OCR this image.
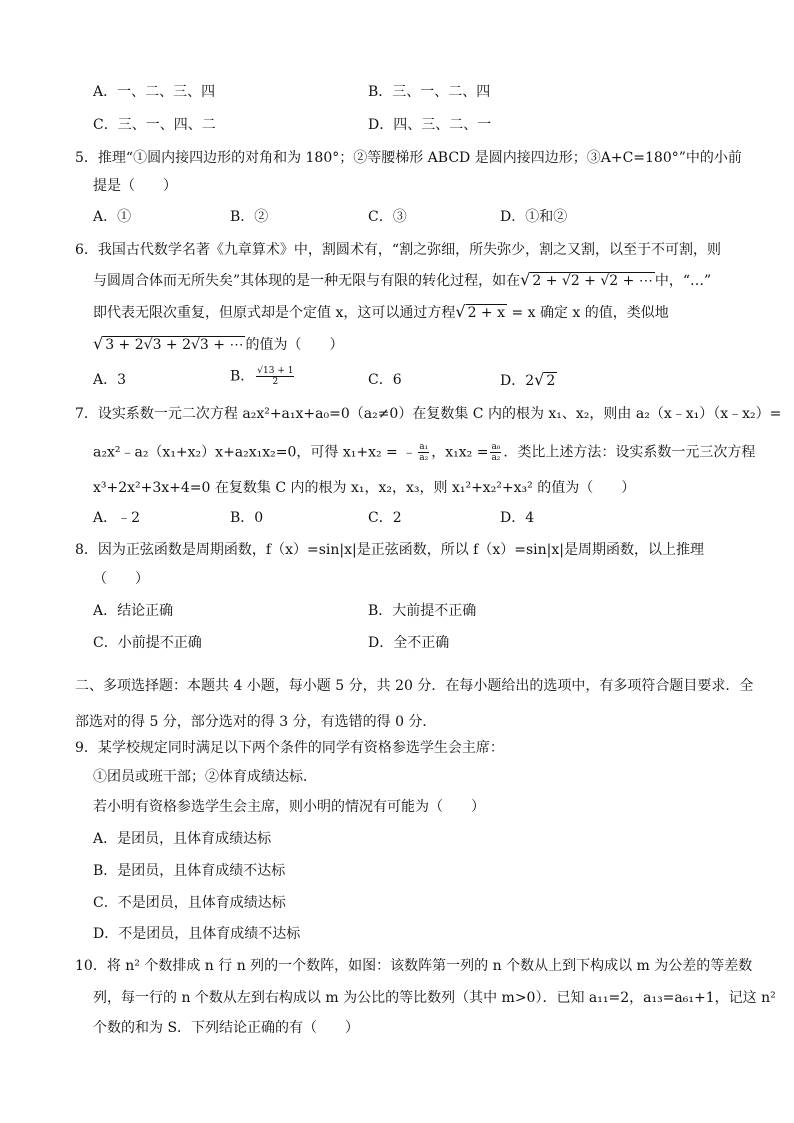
A．一、二、三、四	B．三、一、二、四
C．三、一、四、二	D．四、三、二、一
5．推理“①圆内接四边形的对角和为 180°；②等腰梯形 ABCD 是圆内接四边形；③A+C=180°”中的小前
提是（　　）
A．①	B．②	C．③	D．①和②
6．我国古代数学名著《九章算术》中，割圆术有，“割之弥细，所失弥少，割之又割，以至于不可割，则
与圆周合体而无所失矣”其体现的是一种无限与有限的转化过程，如在√ 2 + √2 + √2 + ⋯ 中，“…”
即代表无限次重复，但原式却是个定值 x，这可以通过方程√ 2 + x = x 确定 x 的值，类似地
√ 3 + 2√3 + 2√3 + ⋯ 的值为（　　）
A．3	B． $\frac{√13 + 1}{2}$	C．6	D．2√ 2
7．设实系数一元二次方程 a₂x²+a₁x+a₀=0（a₂≠0）在复数集 C 内的根为 x₁、x₂，则由 a₂（x﹣x₁）（x﹣x₂）=
a₂x²﹣a₂（x₁+x₂）x+a₂x₁x₂=0，可得 x₁+x₂ = ﹣ $\frac{\text{a₁}}{\text{a₂}}$ ，$x_1x_2 = \frac{\text{a₀}}{\text{a₂}}$ ．类比上述方法：设实系数一元三次方程
x³+2x²+3x+4=0 在复数集 C 内的根为 x₁，x₂，x₃，则 x₁²+x₂²+x₃² 的值为（　　）
A．﹣2	B．0	C．2	D．4
8．因为正弦函数是周期函数，f（x）=sin|x|是正弦函数，所以 f（x）=sin|x|是周期函数，以上推理
（　　）
A．结论正确	B．大前提不正确
C．小前提不正确	D．全不正确
二、多项选择题：本题共 4 小题，每小题 5 分，共 20 分．在每小题给出的选项中，有多项符合题目要求．全
部选对的得 5 分，部分选对的得 3 分，有选错的得 0 分．
9．某学校规定同时满足以下两个条件的同学有资格参选学生会主席：
①团员或班干部；②体育成绩达标．
若小明有资格参选学生会主席，则小明的情况有可能为（　　）
A．是团员，且体育成绩达标
B．是团员，且体育成绩不达标
C．不是团员，且体育成绩达标
D．不是团员，且体育成绩不达标
10．将 n² 个数排成 n 行 n 列的一个数阵，如图：该数阵第一列的 n 个数从上到下构成以 m 为公差的等差数
列，每一行的 n 个数从左到右构成以 m 为公比的等比数列（其中 m>0）．已知 a₁₁=2，a₁₃=a₆₁+1，记这 n²
个数的和为 S．下列结论正确的有（　　）
